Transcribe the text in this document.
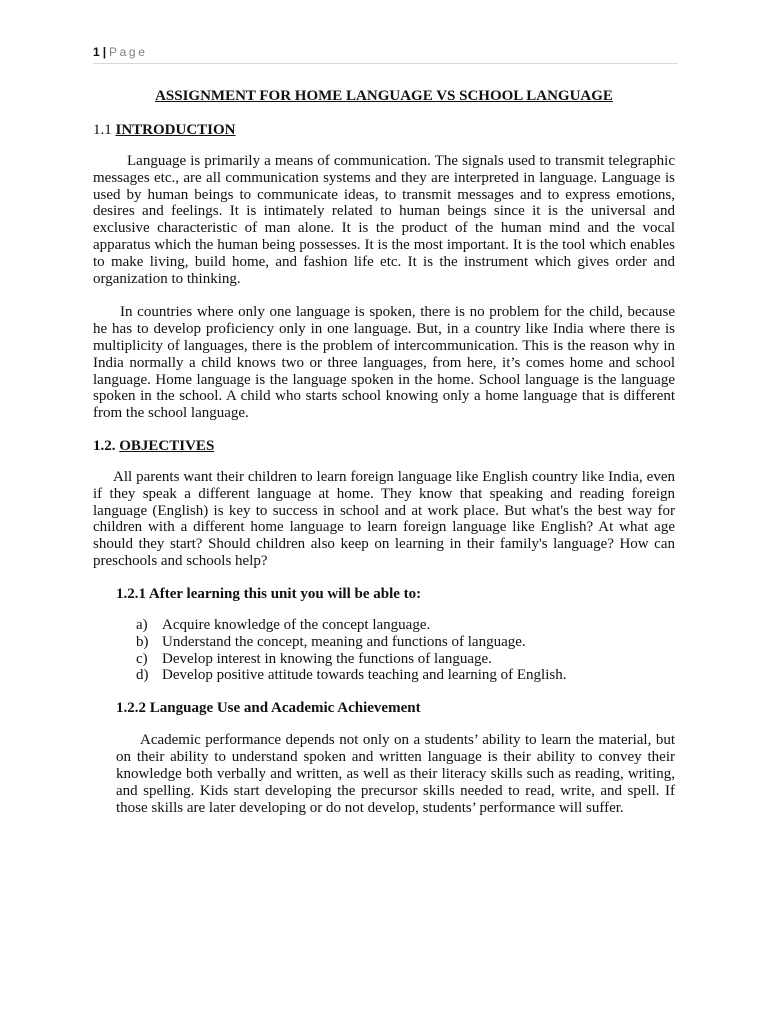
1 | Page
ASSIGNMENT FOR HOME LANGUAGE VS SCHOOL LANGUAGE
1.1 INTRODUCTION

Language is primarily a means of communication. The signals used to transmit telegraphic messages etc., are all communication systems and they are interpreted in language. Language is used by human beings to communicate ideas, to transmit messages and to express emotions, desires and feelings. It is intimately related to human beings since it is the universal and exclusive characteristic of man alone. It is the product of the human mind and the vocal apparatus which the human being possesses. It is the most important. It is the tool which enables to make living, build home, and fashion life etc. It is the instrument which gives order and organization to thinking.

In countries where only one language is spoken, there is no problem for the child, because he has to develop proficiency only in one language. But, in a country like India where there is multiplicity of languages, there is the problem of intercommunication. This is the reason why in India normally a child knows two or three languages, from here, it’s comes home and school language. Home language is the language spoken in the home. School language is the language spoken in the school. A child who starts school knowing only a home language that is different from the school language.

1.2. OBJECTIVES

All parents want their children to learn foreign language like English country like India, even if they speak a different language at home. They know that speaking and reading foreign language (English) is key to success in school and at work place. But what's the best way for children with a different home language to learn foreign language like English? At what age should they start? Should children also keep on learning in their family's language? How can preschools and schools help?

1.2.1 After learning this unit you will be able to:
a) Acquire knowledge of the concept language.
b) Understand the concept, meaning and functions of language.
c) Develop interest in knowing the functions of language.
d) Develop positive attitude towards teaching and learning of English.
1.2.2 Language Use and Academic Achievement

Academic performance depends not only on a students’ ability to learn the material, but on their ability to understand spoken and written language is their ability to convey their knowledge both verbally and written, as well as their literacy skills such as reading, writing, and spelling. Kids start developing the precursor skills needed to read, write, and spell. If those skills are later developing or do not develop, students’ performance will suffer.
